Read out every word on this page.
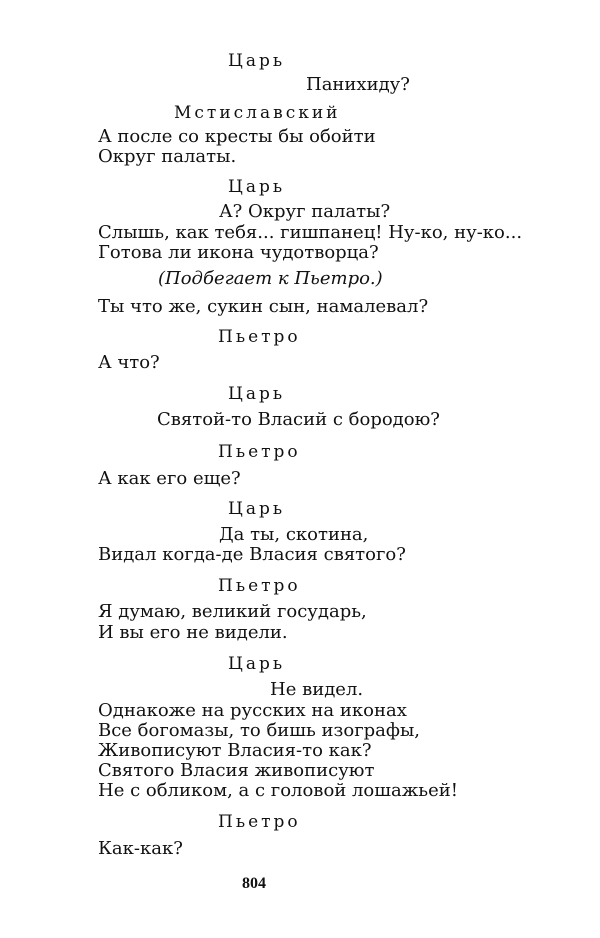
Царь
Панихиду?
Мстиславский
А после со кресты бы обойти
Округ палаты.
Царь
А? Округ палаты?
Слышь, как тебя... гишпанец! Ну-ко, ну-ко...
Готова ли икона чудотворца?
(Подбегает к Пьетро.)
Ты что же, сукин сын, намалевал?
Пьетро
А что?
Царь
Святой-то Власий с бородою?
Пьетро
А как его еще?
Царь
Да ты, скотина,
Видал когда-де Власия святого?
Пьетро
Я думаю, великий государь,
И вы его не видели.
Царь
Не видел.
Однакоже на русских на иконах
Все богомазы, то бишь изографы,
Живописуют Власия-то как?
Святого Власия живописуют
Не с обликом, а с головой лошажьей!
Пьетро
Как-как?
804
